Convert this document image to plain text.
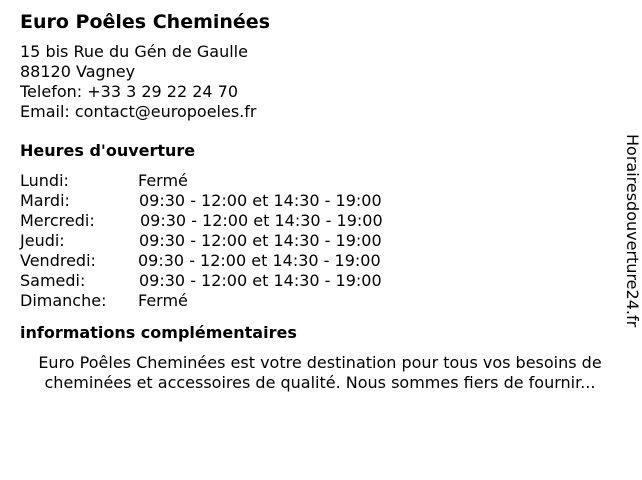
Euro Poêles Cheminées
15 bis Rue du Gén de Gaulle
88120 Vagney
Telefon: +33 3 29 22 24 70
Email: contact@europoeles.fr
Heures d'ouverture
Lundi:	Fermé
Mardi:	09:30 - 12:00 et 14:30 - 19:00
Mercredi:	09:30 - 12:00 et 14:30 - 19:00
Jeudi:	09:30 - 12:00 et 14:30 - 19:00
Vendredi:	09:30 - 12:00 et 14:30 - 19:00
Samedi:	09:30 - 12:00 et 14:30 - 19:00
Dimanche:	Fermé
informations complémentaires
Euro Poêles Cheminées est votre destination pour tous vos besoins de
cheminées et accessoires de qualité. Nous sommes fiers de fournir...
Horairesdouverture24.fr
